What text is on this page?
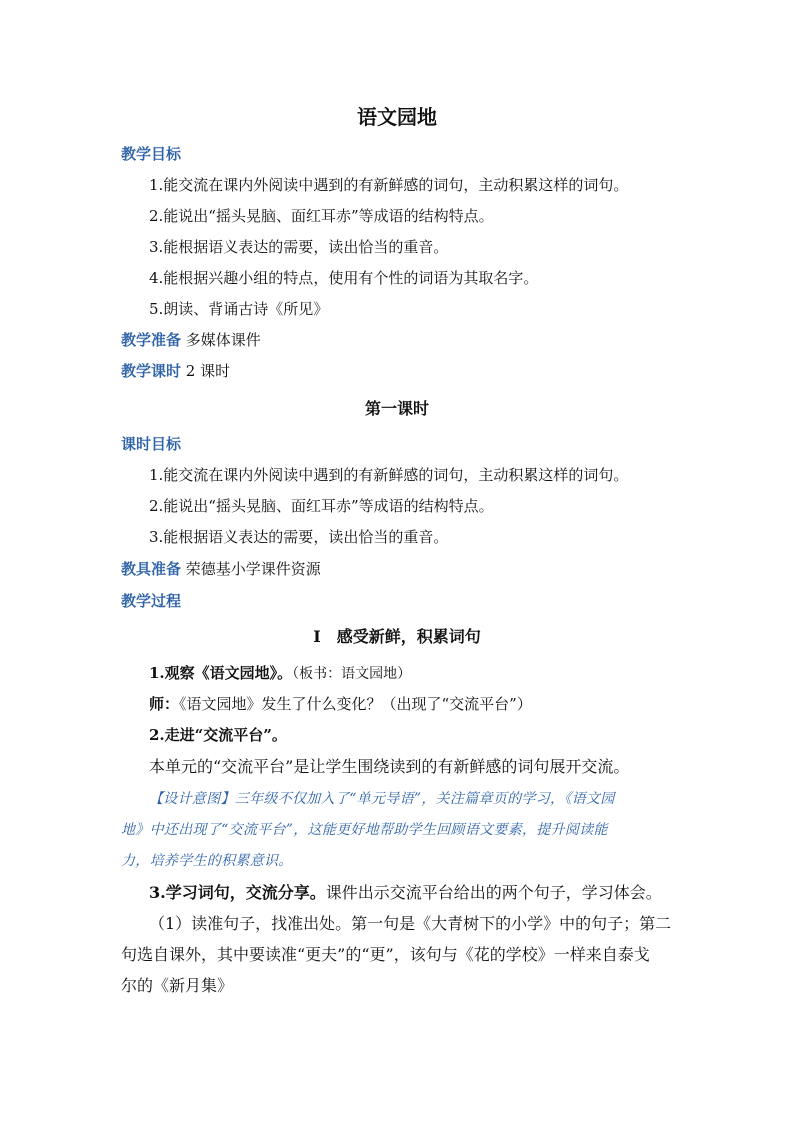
语文园地
教学目标
1.能交流在课内外阅读中遇到的有新鲜感的词句，主动积累这样的词句。
2.能说出“摇头晃脑、面红耳赤”等成语的结构特点。
3.能根据语义表达的需要，读出恰当的重音。
4.能根据兴趣小组的特点，使用有个性的词语为其取名字。
5.朗读、背诵古诗《所见》
教学准备 多媒体课件
教学课时 2 课时
第一课时
课时目标
1.能交流在课内外阅读中遇到的有新鲜感的词句，主动积累这样的词句。
2.能说出“摇头晃脑、面红耳赤”等成语的结构特点。
3.能根据语义表达的需要，读出恰当的重音。
教具准备 荣德基小学课件资源
教学过程
Ⅰ　感受新鲜，积累词句
1.观察《语文园地》。（板书：语文园地）
师：《语文园地》发生了什么变化？（出现了“交流平台”）
2.走进“交流平台”。
本单元的“交流平台”是让学生围绕读到的有新鲜感的词句展开交流。
【设计意图】三年级不仅加入了“单元导语”，关注篇章页的学习，《语文园
地》中还出现了“交流平台”，这能更好地帮助学生回顾语文要素，提升阅读能
力，培养学生的积累意识。
3.学习词句，交流分享。课件出示交流平台给出的两个句子，学习体会。
（1）读准句子，找准出处。第一句是《大青树下的小学》中的句子；第二
句选自课外，其中要读准“更夫”的“更”，该句与《花的学校》一样来自泰戈
尔的《新月集》
